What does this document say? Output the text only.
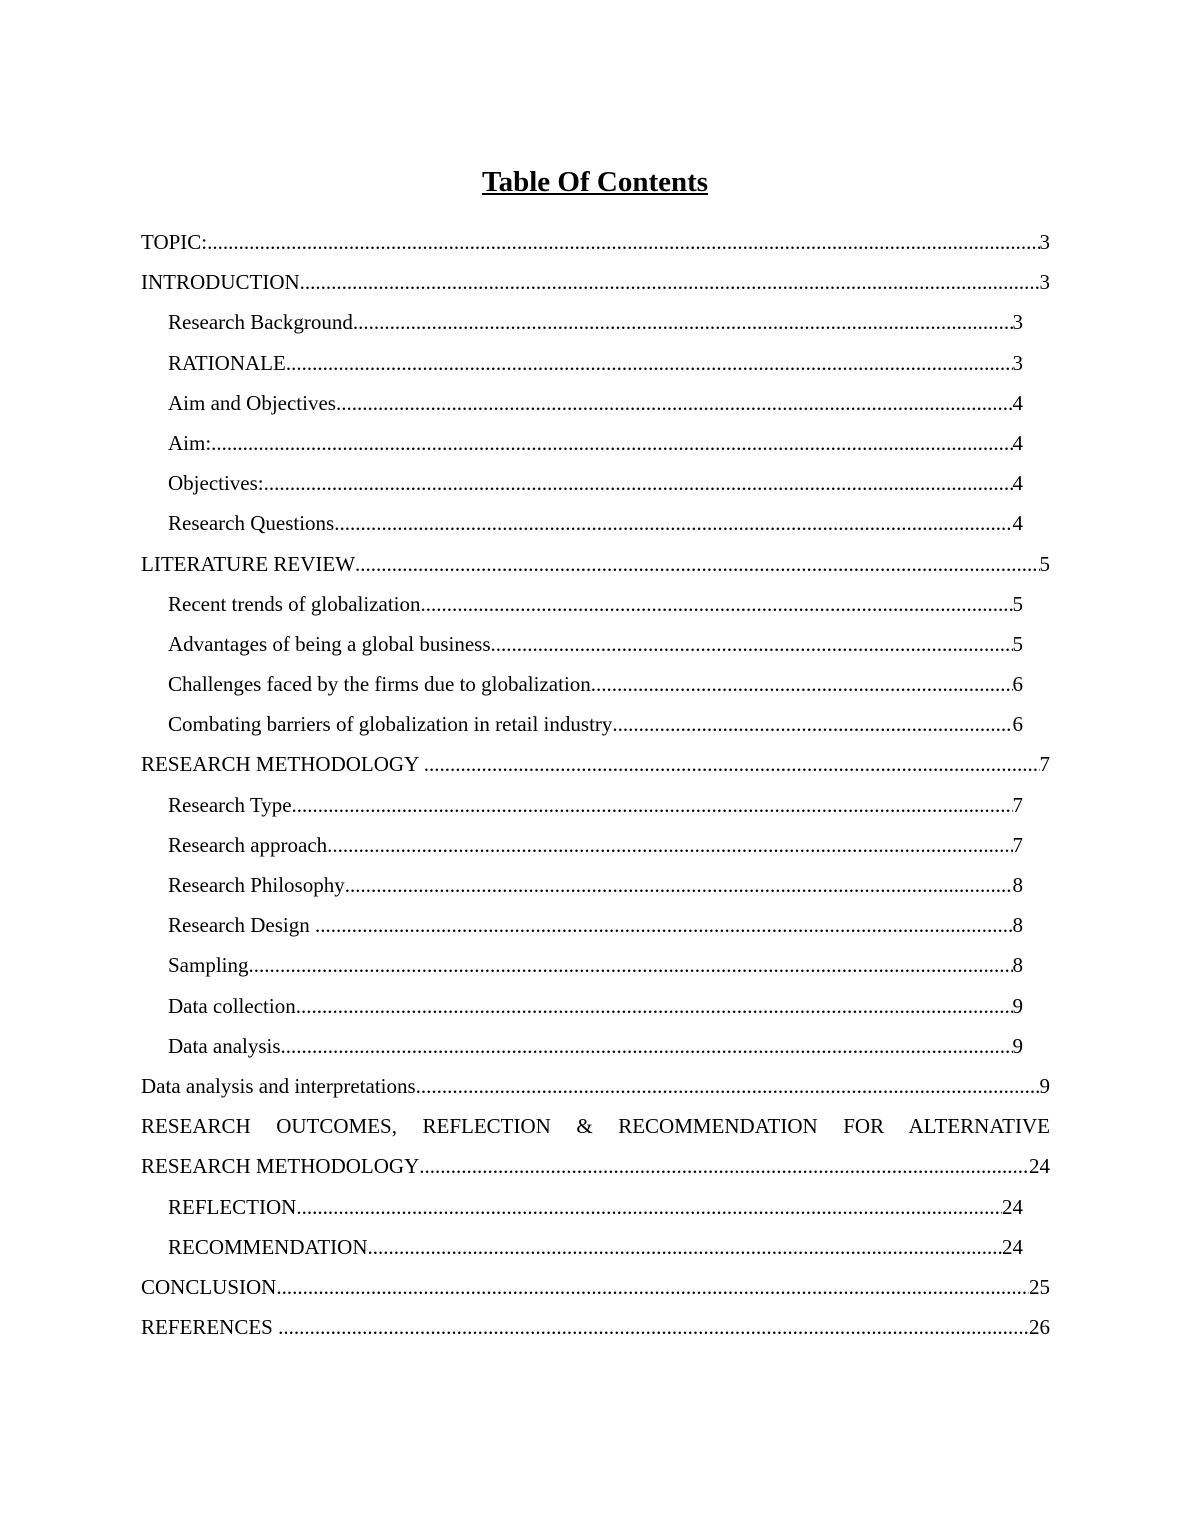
Table Of Contents
TOPIC: .....	3
INTRODUCTION .....	3
Research Background .....	3
RATIONALE .....	3
Aim and Objectives .....	4
Aim: .....	4
Objectives: .....	4
Research Questions .....	4
LITERATURE REVIEW .....	5
Recent trends of globalization .....	5
Advantages of being a global business .....	5
Challenges faced by the firms due to globalization .....	6
Combating barriers of globalization in retail industry .....	6
RESEARCH METHODOLOGY .....	7
Research Type .....	7
Research approach .....	7
Research Philosophy .....	8
Research Design .....	8
Sampling .....	8
Data collection .....	9
Data analysis .....	9
Data analysis and interpretations .....	9
RESEARCH OUTCOMES, REFLECTION & RECOMMENDATION FOR ALTERNATIVE
RESEARCH METHODOLOGY .....	24
REFLECTION .....	24
RECOMMENDATION .....	24
CONCLUSION .....	25
REFERENCES .....	26
